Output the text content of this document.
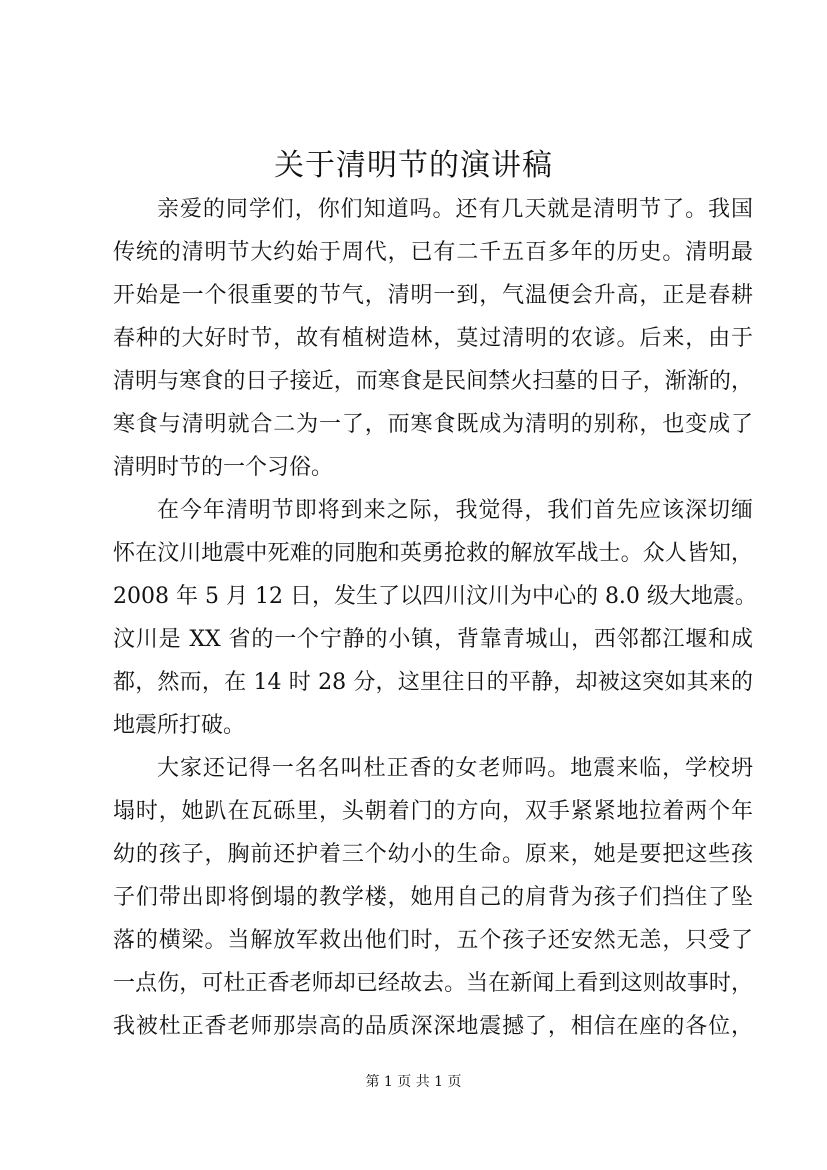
关于清明节的演讲稿
亲爱的同学们，你们知道吗。还有几天就是清明节了。我国
传统的清明节大约始于周代，已有二千五百多年的历史。清明最
开始是一个很重要的节气，清明一到，气温便会升高，正是春耕
春种的大好时节，故有植树造林，莫过清明的农谚。后来，由于
清明与寒食的日子接近，而寒食是民间禁火扫墓的日子，渐渐的，
寒食与清明就合二为一了，而寒食既成为清明的别称，也变成了
清明时节的一个习俗。
在今年清明节即将到来之际，我觉得，我们首先应该深切缅
怀在汶川地震中死难的同胞和英勇抢救的解放军战士。众人皆知，
2008 年 5 月 12 日，发生了以四川汶川为中心的 8.0 级大地震。
汶川是 XX 省的一个宁静的小镇，背靠青城山，西邻都江堰和成
都，然而，在 14 时 28 分，这里往日的平静，却被这突如其来的
地震所打破。
大家还记得一名名叫杜正香的女老师吗。地震来临，学校坍
塌时，她趴在瓦砾里，头朝着门的方向，双手紧紧地拉着两个年
幼的孩子，胸前还护着三个幼小的生命。原来，她是要把这些孩
子们带出即将倒塌的教学楼，她用自己的肩背为孩子们挡住了坠
落的横梁。当解放军救出他们时，五个孩子还安然无恙，只受了
一点伤，可杜正香老师却已经故去。当在新闻上看到这则故事时，
我被杜正香老师那崇高的品质深深地震撼了，相信在座的各位，
第 1 页 共 1 页
